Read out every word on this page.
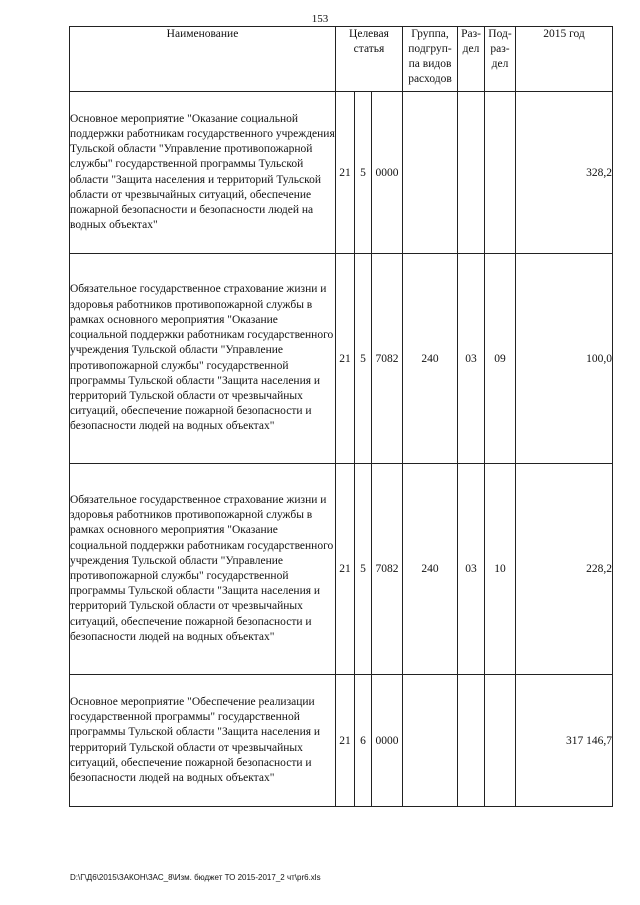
153
Наименование	Целевая статья			Группа, подгруп-па видов расходов	Раз-дел	Под-раз-дел	2015 год
Основное мероприятие "Оказание социальной поддержки работникам государственного учреждения Тульской области "Управление противопожарной службы" государственной программы Тульской области "Защита населения и территорий Тульской области от чрезвычайных ситуаций, обеспечение пожарной безопасности и безопасности людей на водных объектах"	21	5	0000				328,2
Обязательное государственное страхование жизни и здоровья работников противопожарной службы в рамках основного мероприятия "Оказание социальной поддержки работникам государственного учреждения Тульской области "Управление противопожарной службы" государственной программы Тульской области "Защита населения и территорий Тульской области от чрезвычайных ситуаций, обеспечение пожарной безопасности и безопасности людей на водных объектах"	21	5	7082	240	03	09	100,0
Обязательное государственное страхование жизни и здоровья работников противопожарной службы в рамках основного мероприятия "Оказание социальной поддержки работникам государственного учреждения Тульской области "Управление противопожарной службы" государственной программы Тульской области "Защита населения и территорий Тульской области от чрезвычайных ситуаций, обеспечение пожарной безопасности и безопасности людей на водных объектах"	21	5	7082	240	03	10	228,2
Основное мероприятие "Обеспечение реализации государственной программы" государственной программы Тульской области "Защита населения и территорий Тульской области от чрезвычайных ситуаций, обеспечение пожарной безопасности и безопасности людей на водных объектах"	21	6	0000				317 146,7
D:\Г\Д6\2015\ЗАКОН\ЗАС_8\Изм. бюджет ТО 2015-2017_2 чт\pr6.xls
